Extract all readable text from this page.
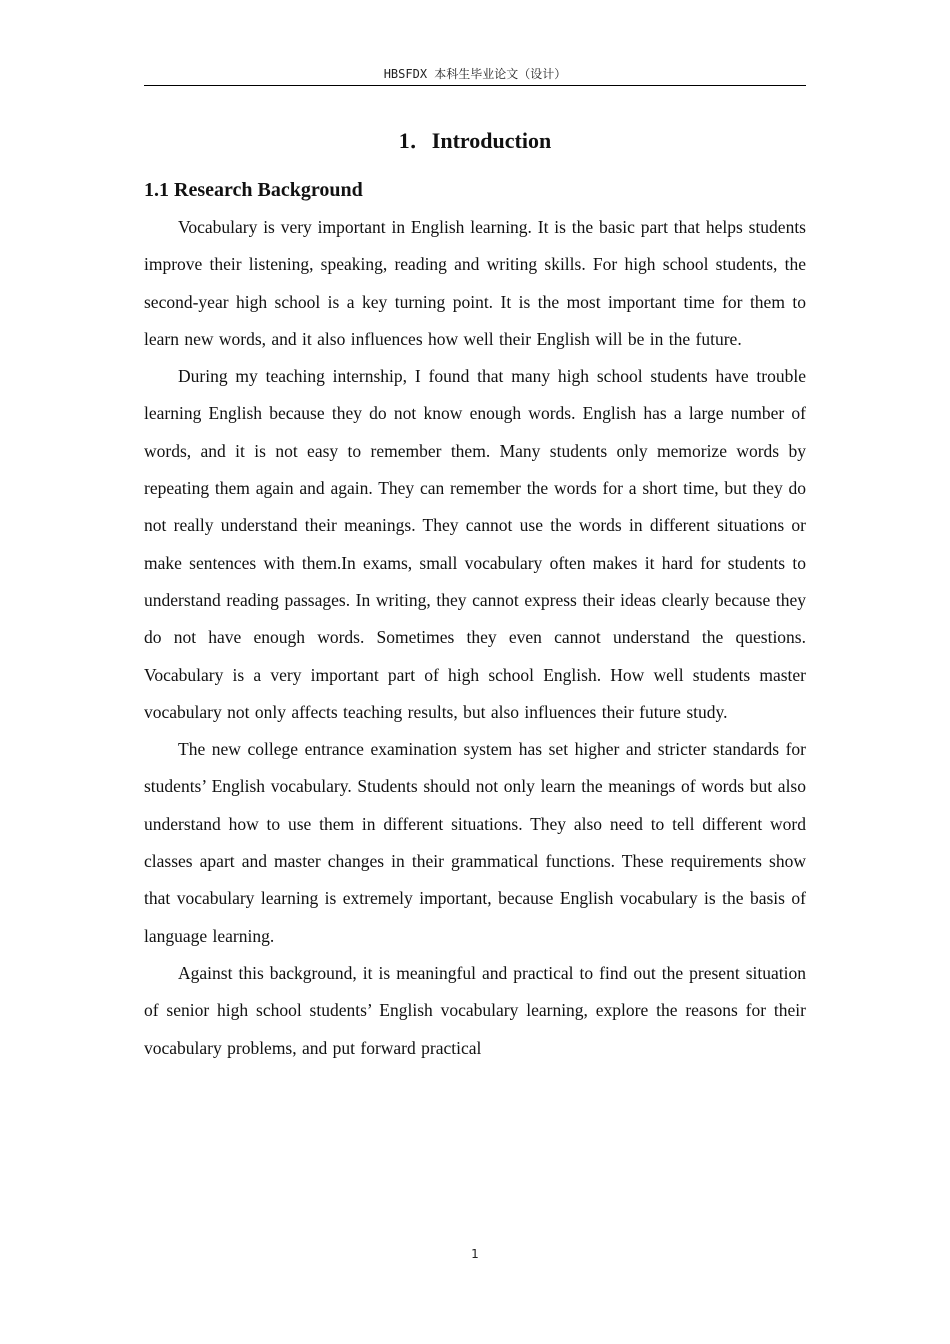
HBSFDX 本科生毕业论文（设计）
1．Introduction
1.1 Research Background

Vocabulary is very important in English learning. It is the basic part that helps students improve their listening, speaking, reading and writing skills. For high school students, the second-year high school is a key turning point. It is the most important time for them to learn new words, and it also influences how well their English will be in the future.

During my teaching internship, I found that many high school students have trouble learning English because they do not know enough words. English has a large number of words, and it is not easy to remember them. Many students only memorize words by repeating them again and again. They can remember the words for a short time, but they do not really understand their meanings. They cannot use the words in different situations or make sentences with them.In exams, small vocabulary often makes it hard for students to understand reading passages. In writing, they cannot express their ideas clearly because they do not have enough words. Sometimes they even cannot understand the questions. Vocabulary is a very important part of high school English. How well students master vocabulary not only affects teaching results, but also influences their future study.

The new college entrance examination system has set higher and stricter standards for students’ English vocabulary. Students should not only learn the meanings of words but also understand how to use them in different situations. They also need to tell different word classes apart and master changes in their grammatical functions. These requirements show that vocabulary learning is extremely important, because English vocabulary is the basis of language learning.

Against this background, it is meaningful and practical to find out the present situation of senior high school students’ English vocabulary learning, explore the reasons for their vocabulary problems, and put forward practical

1
